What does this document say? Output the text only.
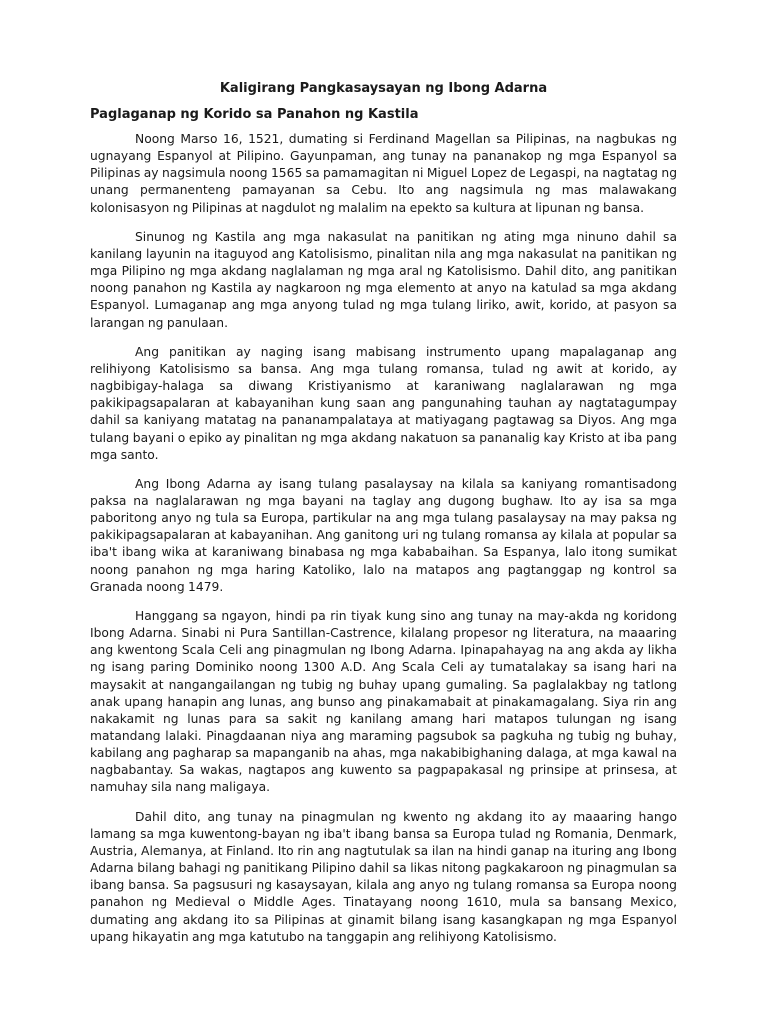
Kaligirang Pangkasaysayan ng Ibong Adarna
Paglaganap ng Korido sa Panahon ng Kastila

Noong Marso 16, 1521, dumating si Ferdinand Magellan sa Pilipinas, na nagbukas ng ugnayang Espanyol at Pilipino. Gayunpaman, ang tunay na pananakop ng mga Espanyol sa Pilipinas ay nagsimula noong 1565 sa pamamagitan ni Miguel Lopez de Legaspi, na nagtatag ng unang permanenteng pamayanan sa Cebu. Ito ang nagsimula ng mas malawakang kolonisasyon ng Pilipinas at nagdulot ng malalim na epekto sa kultura at lipunan ng bansa.

Sinunog ng Kastila ang mga nakasulat na panitikan ng ating mga ninuno dahil sa kanilang layunin na itaguyod ang Katolisismo, pinalitan nila ang mga nakasulat na panitikan ng mga Pilipino ng mga akdang naglalaman ng mga aral ng Katolisismo. Dahil dito, ang panitikan noong panahon ng Kastila ay nagkaroon ng mga elemento at anyo na katulad sa mga akdang Espanyol. Lumaganap ang mga anyong tulad ng mga tulang liriko, awit, korido, at pasyon sa larangan ng panulaan.

Ang panitikan ay naging isang mabisang instrumento upang mapalaganap ang relihiyong Katolisismo sa bansa. Ang mga tulang romansa, tulad ng awit at korido, ay nagbibigay-halaga sa diwang Kristiyanismo at karaniwang naglalarawan ng mga pakikipagsapalaran at kabayanihan kung saan ang pangunahing tauhan ay nagtatagumpay dahil sa kaniyang matatag na pananampalataya at matiyagang pagtawag sa Diyos. Ang mga tulang bayani o epiko ay pinalitan ng mga akdang nakatuon sa pananalig kay Kristo at iba pang mga santo.

Ang Ibong Adarna ay isang tulang pasalaysay na kilala sa kaniyang romantisadong paksa na naglalarawan ng mga bayani na taglay ang dugong bughaw. Ito ay isa sa mga paboritong anyo ng tula sa Europa, partikular na ang mga tulang pasalaysay na may paksa ng pakikipagsapalaran at kabayanihan. Ang ganitong uri ng tulang romansa ay kilala at popular sa iba't ibang wika at karaniwang binabasa ng mga kababaihan. Sa Espanya, lalo itong sumikat noong panahon ng mga haring Katoliko, lalo na matapos ang pagtanggap ng kontrol sa Granada noong 1479.

Hanggang sa ngayon, hindi pa rin tiyak kung sino ang tunay na may-akda ng koridong Ibong Adarna. Sinabi ni Pura Santillan-Castrence, kilalang propesor ng literatura, na maaaring ang kwentong Scala Celi ang pinagmulan ng Ibong Adarna. Ipinapahayag na ang akda ay likha ng isang paring Dominiko noong 1300 A.D. Ang Scala Celi ay tumatalakay sa isang hari na maysakit at nangangailangan ng tubig ng buhay upang gumaling. Sa paglalakbay ng tatlong anak upang hanapin ang lunas, ang bunso ang pinakamabait at pinakamagalang. Siya rin ang nakakamit ng lunas para sa sakit ng kanilang amang hari matapos tulungan ng isang matandang lalaki. Pinagdaanan niya ang maraming pagsubok sa pagkuha ng tubig ng buhay, kabilang ang pagharap sa mapanganib na ahas, mga nakabibighaning dalaga, at mga kawal na nagbabantay. Sa wakas, nagtapos ang kuwento sa pagpapakasal ng prinsipe at prinsesa, at namuhay sila nang maligaya.

Dahil dito, ang tunay na pinagmulan ng kwento ng akdang ito ay maaaring hango lamang sa mga kuwentong-bayan ng iba't ibang bansa sa Europa tulad ng Romania, Denmark, Austria, Alemanya, at Finland. Ito rin ang nagtutulak sa ilan na hindi ganap na ituring ang Ibong Adarna bilang bahagi ng panitikang Pilipino dahil sa likas nitong pagkakaroon ng pinagmulan sa ibang bansa. Sa pagsusuri ng kasaysayan, kilala ang anyo ng tulang romansa sa Europa noong panahon ng Medieval o Middle Ages. Tinatayang noong 1610, mula sa bansang Mexico, dumating ang akdang ito sa Pilipinas at ginamit bilang isang kasangkapan ng mga Espanyol upang hikayatin ang mga katutubo na tanggapin ang relihiyong Katolisismo.
